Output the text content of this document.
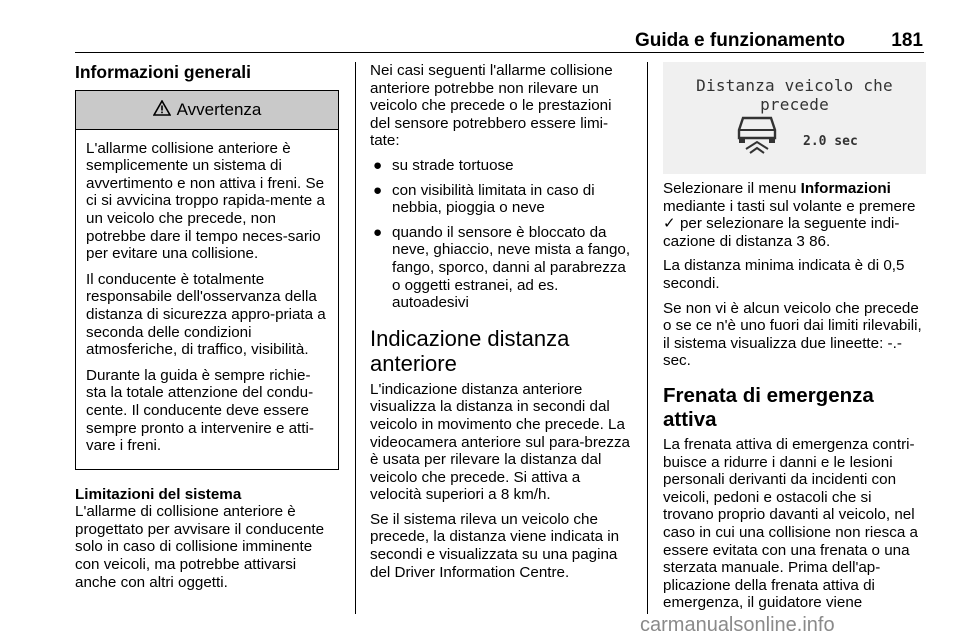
Guida e funzionamento 181
Informazioni generali
Avvertenza

L'allarme collisione anteriore è semplicemente un sistema di avvertimento e non attiva i freni. Se ci si avvicina troppo rapida-mente a un veicolo che precede, non potrebbe dare il tempo neces-sario per evitare una collisione.

Il conducente è totalmente responsabile dell'osservanza della distanza di sicurezza appro-priata a seconda delle condizioni atmosferiche, di traffico, visibilità.

Durante la guida è sempre richie-sta la totale attenzione del condu-cente. Il conducente deve essere sempre pronto a intervenire e atti-vare i freni.

Limitazioni del sistema

L'allarme di collisione anteriore è progettato per avvisare il conducente solo in caso di collisione imminente con veicoli, ma potrebbe attivarsi anche con altri oggetti.

Nei casi seguenti l'allarme collisione anteriore potrebbe non rilevare un veicolo che precede o le prestazioni del sensore potrebbero essere limi-tate:

● su strade tortuose
● con visibilità limitata in caso di nebbia, pioggia o neve
● quando il sensore è bloccato da neve, ghiaccio, neve mista a fango, fango, sporco, danni al parabrezza o oggetti estranei, ad es. autoadesivi
Indicazione distanza anteriore

L'indicazione distanza anteriore visualizza la distanza in secondi dal veicolo in movimento che precede. La videocamera anteriore sul para-brezza è usata per rilevare la distanza dal veicolo che precede. Si attiva a velocità superiori a 8 km/h.

Se il sistema rileva un veicolo che precede, la distanza viene indicata in secondi e visualizzata su una pagina del Driver Information Centre.

Distanza veicolo che precede
2.0 sec

Selezionare il menu Informazioni mediante i tasti sul volante e premere ✓ per selezionare la seguente indi-cazione di distanza 3 86.

La distanza minima indicata è di 0,5 secondi.

Se non vi è alcun veicolo che precede o se ce n'è uno fuori dai limiti rilevabili, il sistema visualizza due lineette: -.- sec.

Frenata di emergenza attiva

La frenata attiva di emergenza contri-buisce a ridurre i danni e le lesioni personali derivanti da incidenti con veicoli, pedoni e ostacoli che si trovano proprio davanti al veicolo, nel caso in cui una collisione non riesca a essere evitata con una frenata o una sterzata manuale. Prima dell'ap-plicazione della frenata attiva di emergenza, il guidatore viene

carmanualsonline.info
